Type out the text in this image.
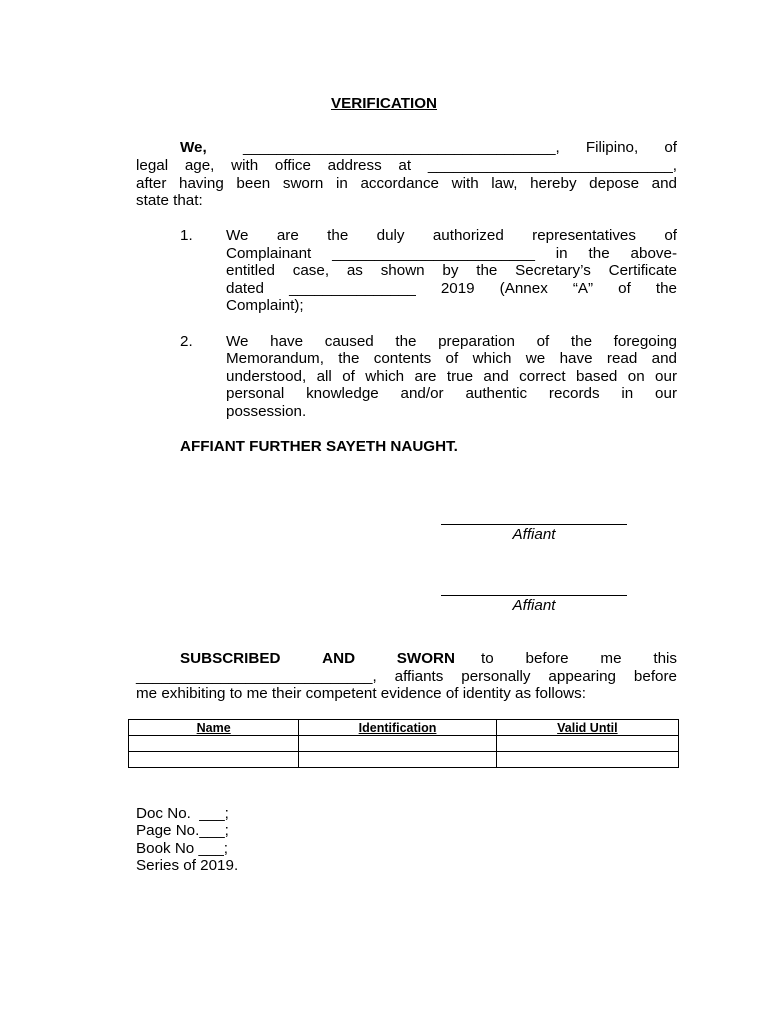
VERIFICATION
We, _____________________________________, Filipino, of
legal age, with office address at _____________________________,
after having been sworn in accordance with law, hereby depose and
state that:
1. We are the duly authorized representatives of
Complainant ________________________ in the above-
entitled case, as shown by the Secretary’s Certificate
dated _______________ 2019 (Annex “A” of the
Complaint);
2. We have caused the preparation of the foregoing
Memorandum, the contents of which we have read and
understood, all of which are true and correct based on our
personal knowledge and/or authentic records in our
possession.
AFFIANT FURTHER SAYETH NAUGHT.
Affiant
Affiant
SUBSCRIBED	AND	SWORN to before me this
____________________________, affiants personally appearing before
me exhibiting to me their competent evidence of identity as follows:
Name	Identification	Valid Until

Doc No.  ___;
Page No.___;
Book No ___;
Series of 2019.
